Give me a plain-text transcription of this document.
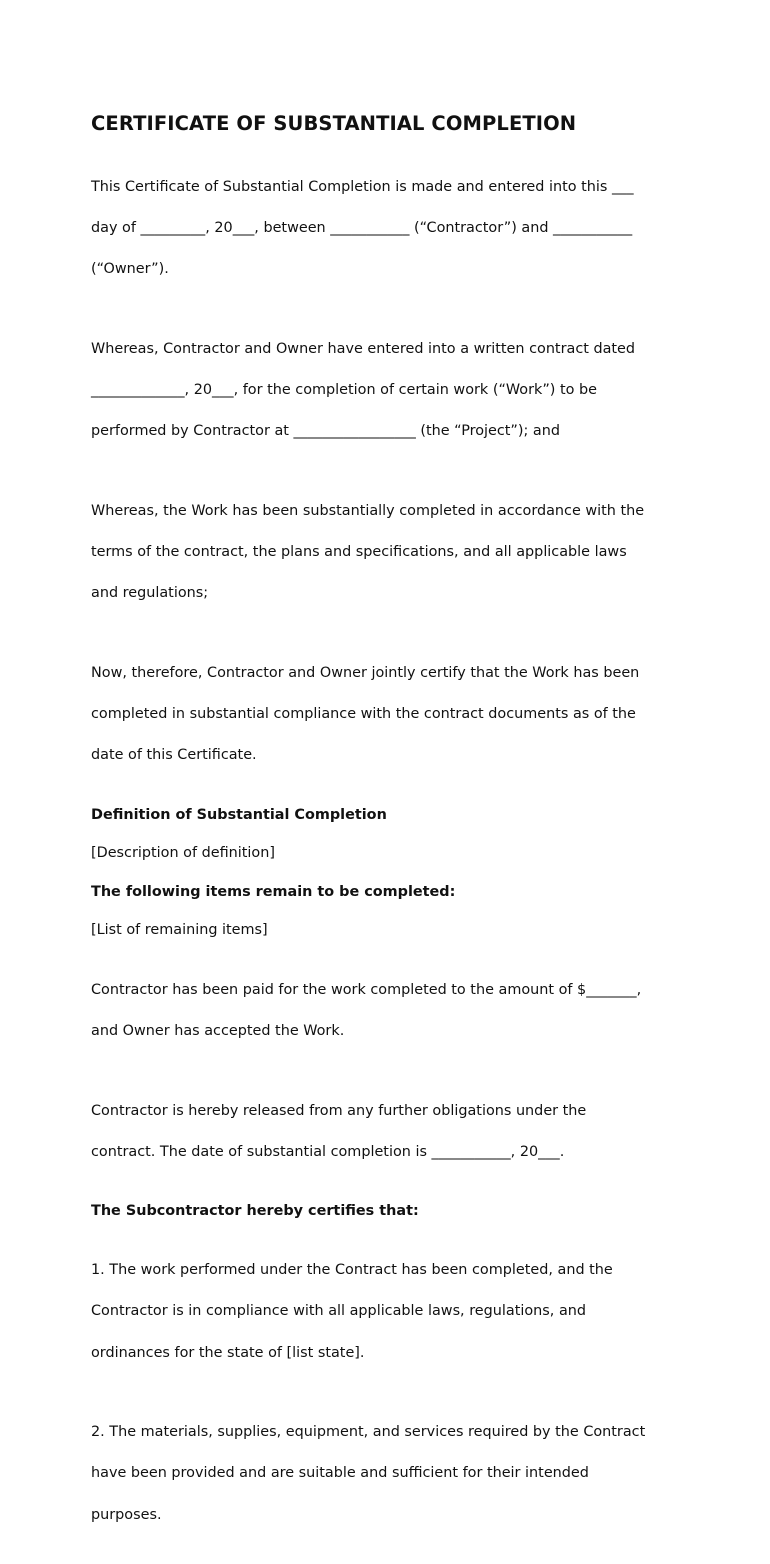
CERTIFICATE OF SUBSTANTIAL COMPLETION

This Certificate of Substantial Completion is made and entered into this ___

day of _________, 20___, between ___________ (“Contractor”) and ___________

(“Owner”).

Whereas, Contractor and Owner have entered into a written contract dated

_____________, 20___, for the completion of certain work (“Work”) to be

performed by Contractor at _________________ (the “Project”); and

Whereas, the Work has been substantially completed in accordance with the

terms of the contract, the plans and specifications, and all applicable laws

and regulations;

Now, therefore, Contractor and Owner jointly certify that the Work has been

completed in substantial compliance with the contract documents as of the

date of this Certificate.

Definition of Substantial Completion
[Description of definition]
The following items remain to be completed:
[List of remaining items]

Contractor has been paid for the work completed to the amount of $_______,

and Owner has accepted the Work.

Contractor is hereby released from any further obligations under the

contract. The date of substantial completion is ___________, 20___.

The Subcontractor hereby certifies that:

1. The work performed under the Contract has been completed, and the

Contractor is in compliance with all applicable laws, regulations, and

ordinances for the state of [list state].

2. The materials, supplies, equipment, and services required by the Contract

have been provided and are suitable and sufficient for their intended

purposes.
